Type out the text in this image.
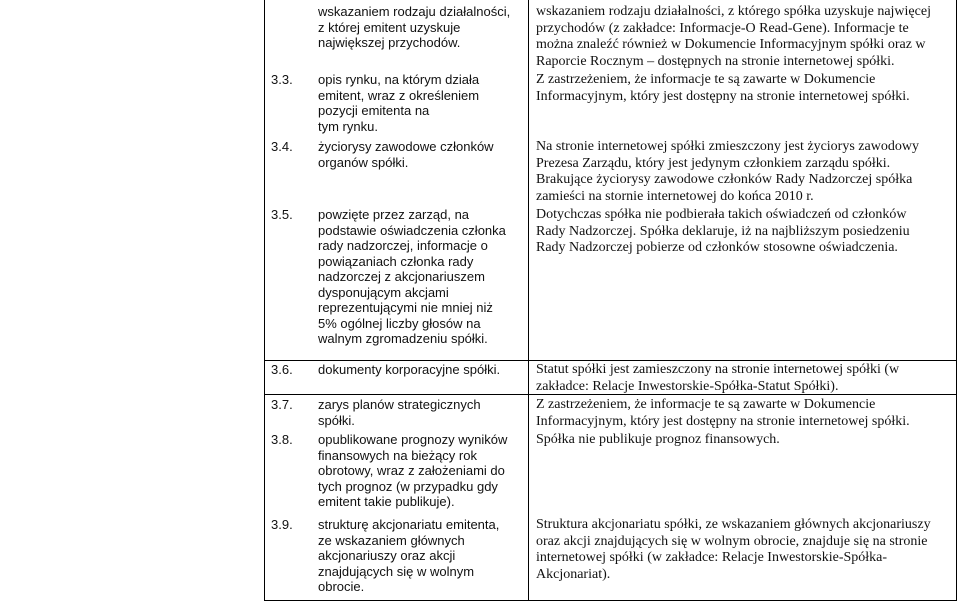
wskazaniem rodzaju działalności,
z której emitent uzyskuje
największej przychodów.
wskazaniem rodzaju działalności, z którego spółka uzyskuje najwięcej
przychodów (z zakładce: Informacje-O Read-Gene). Informacje te
można znaleźć również w Dokumencie Informacyjnym spółki oraz w
Raporcie Rocznym – dostępnych na stronie internetowej spółki.
3.3. opis rynku, na którym działa
emitent, wraz z określeniem
pozycji emitenta na
tym rynku.
Z zastrzeżeniem, że informacje te są zawarte w Dokumencie
Informacyjnym, który jest dostępny na stronie internetowej spółki.
3.4. życiorysy zawodowe członków
organów spółki.
Na stronie internetowej spółki zmieszczony jest życiorys zawodowy
Prezesa Zarządu, który jest jedynym członkiem zarządu spółki.
Brakujące życiorysy zawodowe członków Rady Nadzorczej spółka
zamieści na stornie internetowej do końca 2010 r.
3.5. powzięte przez zarząd, na
podstawie oświadczenia członka
rady nadzorczej, informacje o
powiązaniach członka rady
nadzorczej z akcjonariuszem
dysponującym akcjami
reprezentującymi nie mniej niż
5% ogólnej liczby głosów na
walnym zgromadzeniu spółki.
Dotychczas spółka nie podbierała takich oświadczeń od członków
Rady Nadzorczej. Spółka deklaruje, iż na najbliższym posiedzeniu
Rady Nadzorczej pobierze od członków stosowne oświadczenia.
3.6. dokumenty korporacyjne spółki.	Statut spółki jest zamieszczony na stronie internetowej spółki (w
zakładce: Relacje Inwestorskie-Spółka-Statut Spółki).
3.7. zarys planów strategicznych
spółki.
Z zastrzeżeniem, że informacje te są zawarte w Dokumencie
Informacyjnym, który jest dostępny na stronie internetowej spółki.
3.8. opublikowane prognozy wyników
finansowych na bieżący rok
obrotowy, wraz z założeniami do
tych prognoz (w przypadku gdy
emitent takie publikuje).
Spółka nie publikuje prognoz finansowych.
3.9. strukturę akcjonariatu emitenta,
ze wskazaniem głównych
akcjonariuszy oraz akcji
znajdujących się w wolnym
obrocie.
Struktura akcjonariatu spółki, ze wskazaniem głównych akcjonariuszy
oraz akcji znajdujących się w wolnym obrocie, znajduje się na stronie
internetowej spółki (w zakładce: Relacje Inwestorskie-Spółka-
Akcjonariat).
